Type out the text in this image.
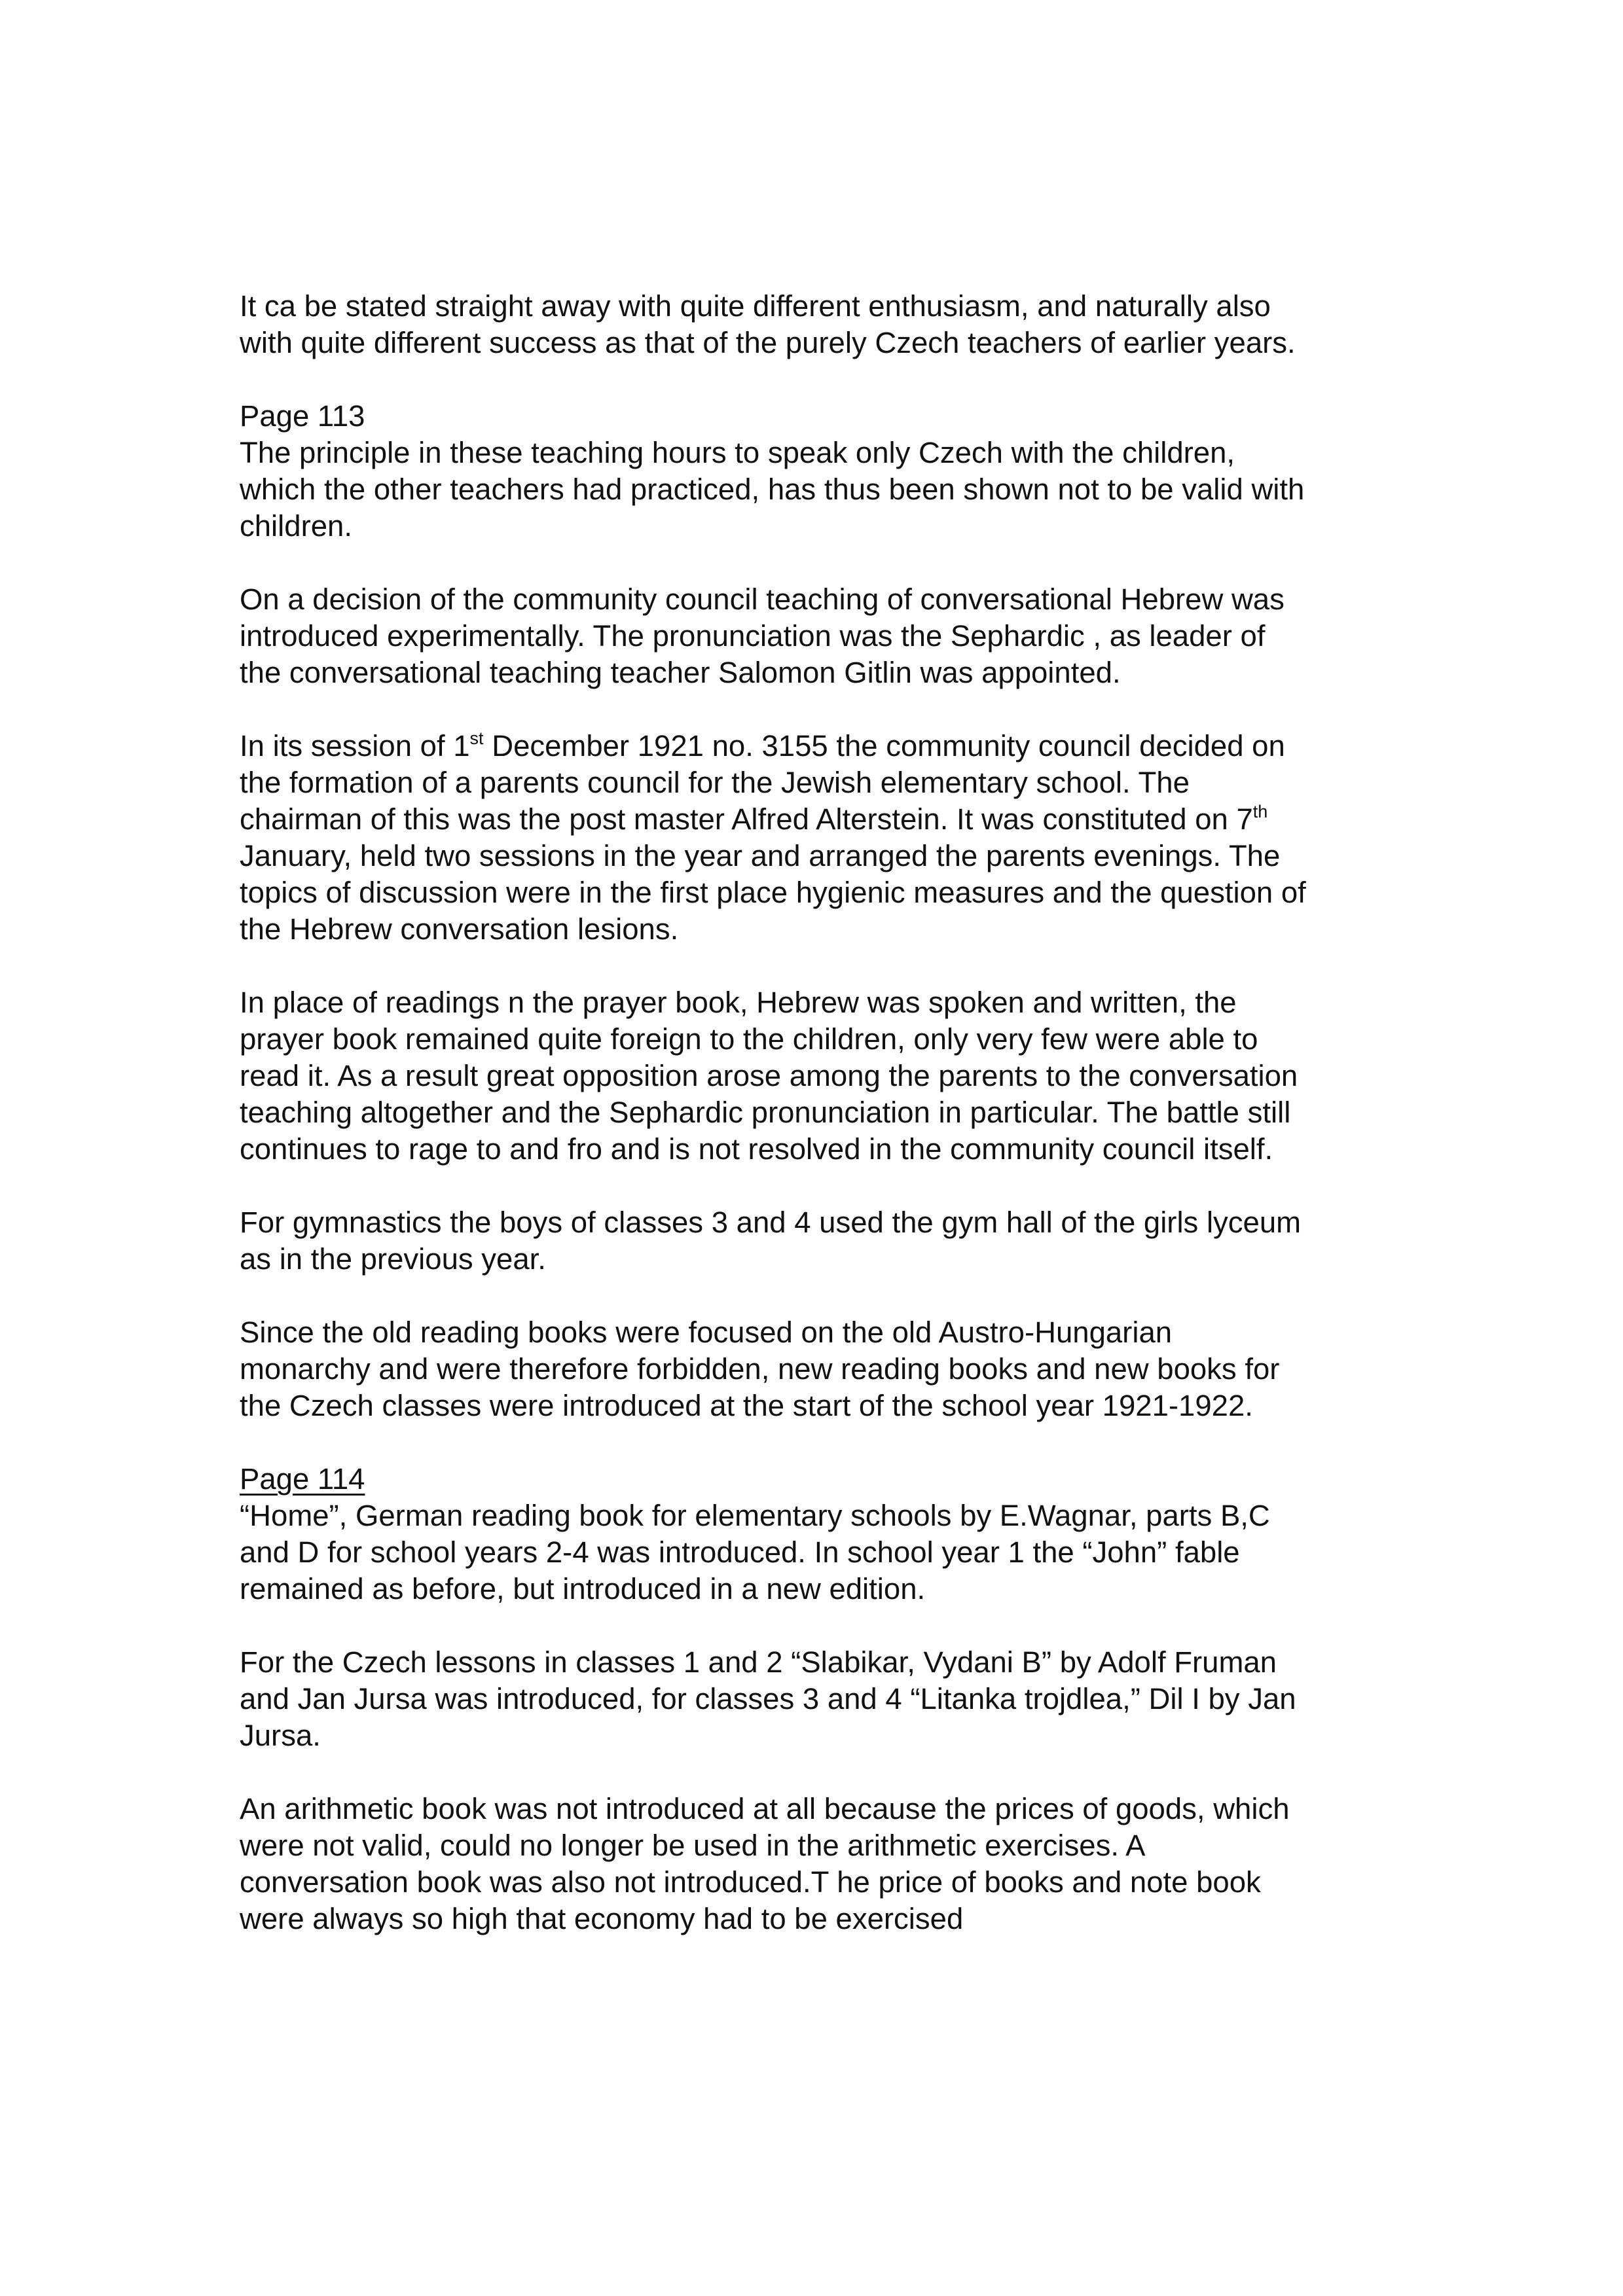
It ca be stated straight away with quite different enthusiasm, and naturally also
with quite different success as that of the purely Czech teachers of earlier years.

Page 113
The principle in these teaching hours to speak only Czech with the children,
which the other teachers had practiced, has thus been shown not to be valid with
children.

On a decision of the community council teaching of conversational Hebrew was
introduced experimentally. The pronunciation was the Sephardic , as leader of
the conversational teaching teacher Salomon Gitlin was appointed.

In its session of 1st December 1921 no. 3155 the community council decided on
the formation of a parents council for the Jewish elementary school. The
chairman of this was the post master Alfred Alterstein. It was constituted on 7th
January, held two sessions in the year and arranged the parents evenings. The
topics of discussion were in the first place hygienic measures and the question of
the Hebrew conversation lesions.

In place of readings n the prayer book, Hebrew was spoken and written, the
prayer book remained quite foreign to the children, only very few were able to
read it. As a result great opposition arose among the parents to the conversation
teaching altogether and the Sephardic pronunciation in particular. The battle still
continues to rage to and fro and is not resolved in the community council itself.

For gymnastics the boys of classes 3 and 4 used the gym hall of the girls lyceum
as in the previous year.

Since the old reading books were focused on the old Austro-Hungarian
monarchy and were therefore forbidden, new reading books and new books for
the Czech classes were introduced at the start of the school year 1921-1922.

Page 114
“Home”, German reading book for elementary schools by E.Wagnar, parts B,C
and D for school years 2-4 was introduced. In school year 1 the “John” fable
remained as before, but introduced in a new edition.

For the Czech lessons in classes 1 and 2 “Slabikar, Vydani B” by Adolf Fruman
and Jan Jursa was introduced, for classes 3 and 4 “Litanka trojdlea,” Dil I by Jan
Jursa.

An arithmetic book was not introduced at all because the prices of goods, which
were not valid, could no longer be used in the arithmetic exercises. A
conversation book was also not introduced.T he price of books and note book
were always so high that economy had to be exercised
